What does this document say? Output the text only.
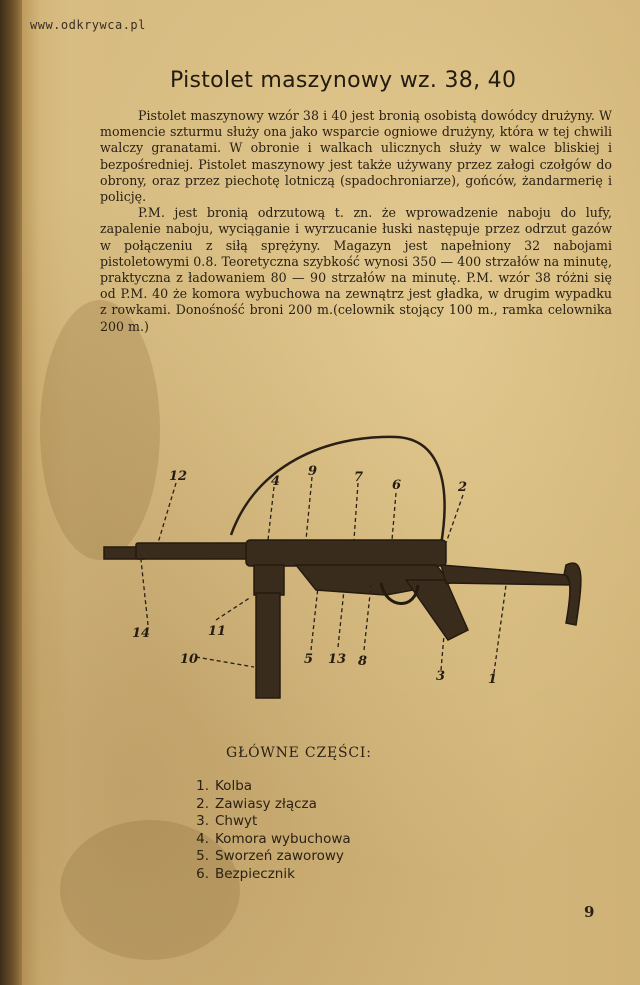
www.odkrywca.pl
Pistolet maszynowy wz. 38, 40

Pistolet maszynowy wzór 38 i 40 jest bronią osobistą dowódcy drużyny. W momencie szturmu służy ona jako wsparcie ogniowe drużyny, która w tej chwili walczy granatami. W obronie i walkach ulicznych służy w walce bliskiej i bezpośredniej. Pistolet maszynowy jest także używany przez załogi czołgów do obrony, oraz przez piechotę lotniczą (spadochroniarze), gońców, żandarmerię i policję.

P.M. jest bronią odrzutową t. zn. że wprowadzenie naboju do lufy, zapalenie naboju, wyciąganie i wyrzucanie łuski następuje przez odrzut gazów w połączeniu z siłą sprężyny. Magazyn jest napełniony 32 nabojami pistoletowymi 0.8. Teoretyczna szybkość wynosi 350 — 400 strzałów na minutę, praktyczna z ładowaniem 80 — 90 strzałów na minutę. P.M. wzór 38 różni się od P.M. 40 że komora wybuchowa na zewnątrz jest gładka, w drugim wypadku z rowkami. Donośność broni 200 m.(celownik stojący 100 m., ramka celownika 200 m.)

12	4
9	7
6	2
14	11
10	5 13 8
3	1
GŁÓWNE CZĘŚCI:
1. Kolba
2. Zawiasy złącza
3. Chwyt
4. Komora wybuchowa
5. Sworzeń zaworowy
6. Bezpiecznik
9
